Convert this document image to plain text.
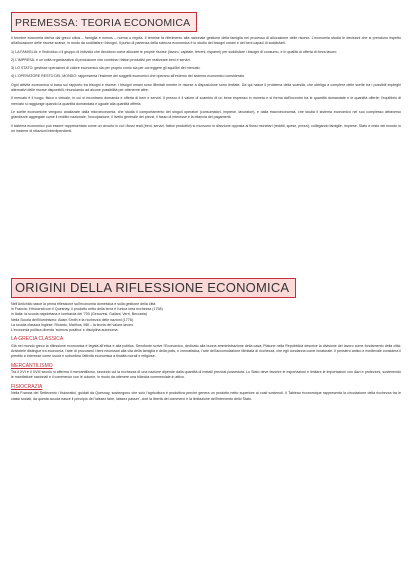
PREMESSA: TEORIA ECONOMICA

Il termine economia deriva dal greco oikos – famiglia e nomos – norma o regola. Il termine fa riferimento alla razionale gestione della famiglia nel processo di allocazione delle risorse. L'economia studia le decisioni che si prendono rispetto all'allocazione delle risorse scarse, in modo da soddisfare i bisogni. Il punto di partenza della scienza economica è lo studio dei bisogni umani e dei beni capaci di soddisfarli.

1) LA FAMIGLIA: è l'individuo o il gruppo di individui che decidono come allocare le proprie risorse (lavoro, capitale, terreni, risparmi) per soddisfare i bisogni di consumo, e in qualità di offerta di forza lavoro.

2) L'IMPRESA: è un'unità organizzativa di produzione che combina i fattori produttivi per realizzare beni e servizi.

3) LO STATO: gestisce operazioni di valore economico sia per proprio conto sia per correggere gli squilibri del mercato.

4) L'OPERATORE RESTO DEL MONDO: rappresenta l'insieme dei soggetti economici che operano all'esterno del sistema economico considerato.

Ogni attività economica si basa sul rapporto tra bisogni e risorse: i bisogni umani sono illimitati mentre le risorse a disposizione sono limitate. Da qui nasce il problema della scarsità, che obbliga a compiere delle scelte tra i possibili impieghi alternativi delle risorse disponibili, rinunciando ad alcune possibilità per ottenerne altre.

Il mercato è il luogo, fisico o virtuale, in cui si incontrano domanda e offerta di beni e servizi. Il prezzo è il valore di scambio di un bene espresso in moneta e si forma dall'incontro tra le quantità domandate e le quantità offerte; l'equilibrio di mercato si raggiunge quando la quantità domandata è uguale alla quantità offerta.

Le scelte economiche vengono analizzate dalla microeconomia, che studia il comportamento dei singoli operatori (consumatori, imprese, lavoratori), e dalla macroeconomia, che studia il sistema economico nel suo complesso attraverso grandezze aggregate come il reddito nazionale, l'occupazione, il livello generale dei prezzi, il tasso di interesse e la bilancia dei pagamenti.

Il sistema economico può essere rappresentato come un circuito in cui i flussi reali (beni, servizi, fattori produttivi) si muovono in direzione opposta ai flussi monetari (redditi, spese, prezzi), collegando famiglie, imprese, Stato e resto del mondo in un insieme di relazioni interdipendenti.

ORIGINI DELLA RIFLESSIONE ECONOMICA
Nell'Antichità nasce la prima riflessione sull'economia domestica e sulla gestione della città
in Francia: il fisiocrati con il Quesnay: il prodotto netto della terra è l'unica vera ricchezza (1758)
in Italia: la scuola napoletana e lombarda del '700 (Genovesi, Galiani, Verri, Beccaria)
Nella Scozia dell'Illuminismo: Adam Smith e la ricchezza delle nazioni (1776)
La scuola classica inglese: Ricardo, Malthus, Mill – la teoria del valore-lavoro
L'economia politica diventa 'scienza positiva' e disciplina autonoma
LA GRECIA CLASSICA

Già nel mondo greco la riflessione economica è legata all'etica e alla politica. Senofonte scrive l'Economico, dedicato alla buona amministrazione della casa; Platone nella Repubblica descrive la divisione del lavoro come fondamento della città; Aristotele distingue tra economia, l'arte di procurarsi i beni necessari alla vita della famiglia e della polis, e crematistica, l'arte dell'accumulazione illimitata di ricchezza, che egli condanna come innaturale. Il pensiero antico e medievale considera il prestito a interesse come usura e subordina l'attività economica a finalità morali e religiose.

MERCANTILISMO

Tra il XVI e il XVIII secolo si afferma il mercantilismo, secondo cui la ricchezza di una nazione dipende dalla quantità di metalli preziosi posseduta. Lo Stato deve favorire le esportazioni e limitare le importazioni con dazi e protezioni, sostenendo le manifatture nazionali e il commercio con le colonie, in modo da ottenere una bilancia commerciale in attivo.

FISIOCRAZIA

Nella Francia del Settecento i fisiocratici, guidati da Quesnay, sostengono che solo l'agricoltura è produttiva perché genera un prodotto netto superiore ai costi sostenuti. Il Tableau économique rappresenta la circolazione della ricchezza tra le classi sociali; da questa scuola nasce il principio del 'laissez faire, laissez passer', cioè la libertà dei commerci e la limitazione dell'intervento dello Stato.
